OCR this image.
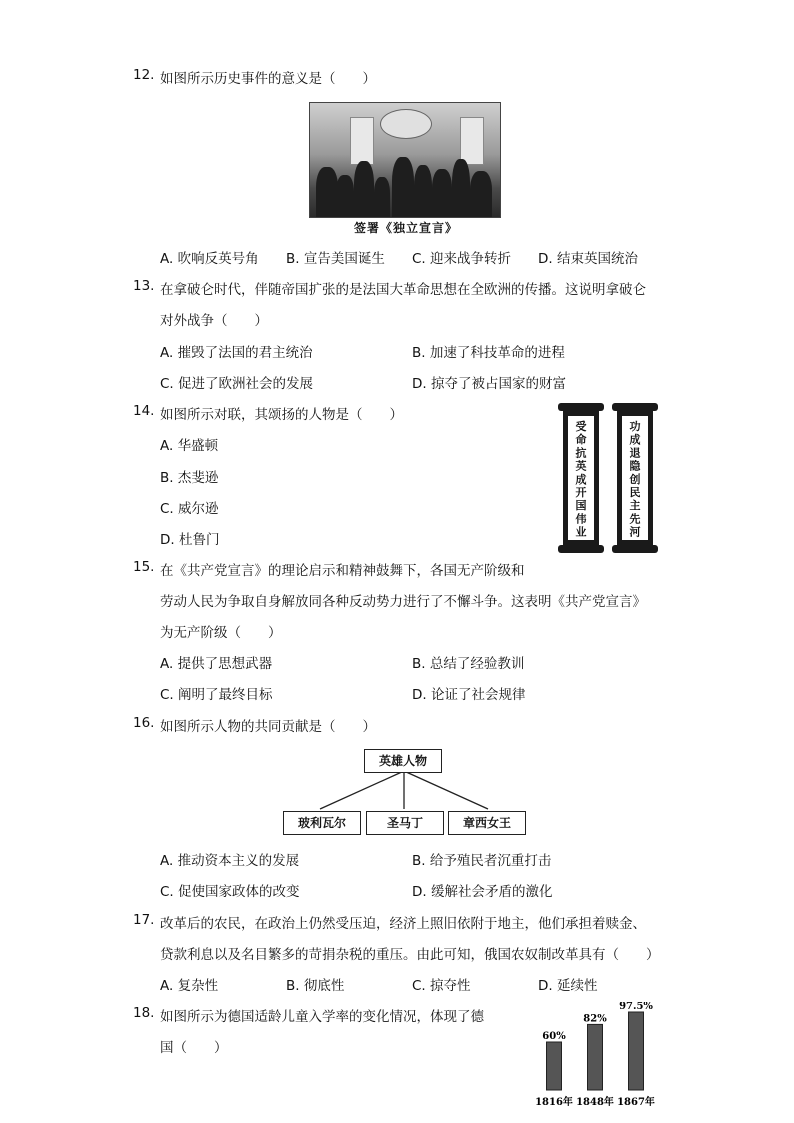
12. 如图所示历史事件的意义是（　　）
签署《独立宣言》
A. 吹响反英号角 B. 宣告美国诞生 C. 迎来战争转折 D. 结束英国统治
13. 在拿破仑时代，伴随帝国扩张的是法国大革命思想在全欧洲的传播。这说明拿破仑
对外战争（　　）
A. 摧毁了法国的君主统治	B. 加速了科技革命的进程
C. 促进了欧洲社会的发展	D. 掠夺了被占国家的财富
14. 如图所示对联，其颂扬的人物是（　　）
A. 华盛顿
B. 杰斐逊
C. 威尔逊
D. 杜鲁门
受
命
抗
英
成
开
国
伟
业
功
成
退
隐
创
民
主
先
河
15. 在《共产党宣言》的理论启示和精神鼓舞下，各国无产阶级和
劳动人民为争取自身解放同各种反动势力进行了不懈斗争。这表明《共产党宣言》
为无产阶级（　　）
A. 提供了思想武器	B. 总结了经验教训
C. 阐明了最终目标	D. 论证了社会规律
16. 如图所示人物的共同贡献是（　　）
英雄人物
玻利瓦尔	圣马丁	章西女王
A. 推动资本主义的发展	B. 给予殖民者沉重打击
C. 促使国家政体的改变	D. 缓解社会矛盾的激化
17. 改革后的农民，在政治上仍然受压迫，经济上照旧依附于地主，他们承担着赎金、
贷款利息以及名目繁多的苛捐杂税的重压。由此可知，俄国农奴制改革具有（　　）
A. 复杂性	B. 彻底性	C. 掠夺性	D. 延续性
18. 如图所示为德国适龄儿童入学率的变化情况，体现了德
国（　　）
60%
1816年
82%
1848年
97.5%
1867年
